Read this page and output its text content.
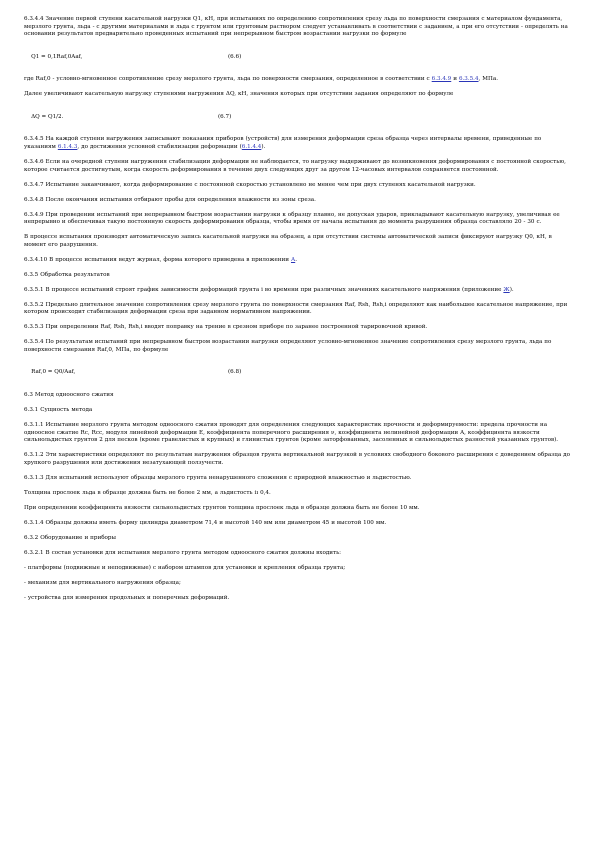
6.3.4.4 Значение первой ступени касательной нагрузки Q1, кН, при испытаниях по определению сопротивления срезу льда по поверхности смерзания с материалом фундамента, мерзлого грунта, льда - с другими материалами и льда с грунтом или грунтовым раствором следует устанавливать в соответствии с заданием, а при его отсутствии - определять на основании результатов предварительно проведенных испытаний при непрерывном быстром возрастании нагрузки по формуле

Q1 = 0,1Raf,0Aaf,	(6.6)

где Raf,0 - условно-мгновенное сопротивление срезу мерзлого грунта, льда по поверхности смерзания, определенное в соответствии с 6.3.4.9 и 6.3.5.4, МПа.

Далее увеличивают касательную нагрузку ступенями нагружения ΔQ, кН, значения которых при отсутствии задания определяют по формуле

ΔQ = Q1/2.	(6.7)

6.3.4.5 На каждой ступени нагружения записывают показания приборов (устройств) для измерения деформации среза образца через интервалы времени, приведенные по указаниям 6.1.4.3, до достижения условной стабилизации деформации (6.1.4.4).

6.3.4.6 Если на очередной ступени нагружения стабилизации деформации не наблюдается, то нагрузку выдерживают до возникновения деформирования с постоянной скоростью, которое считается достигнутым, когда скорость деформирования в течение двух следующих друг за другом 12-часовых интервалов сохраняется постоянной.

6.3.4.7 Испытание заканчивают, когда деформирование с постоянной скоростью установлено не менее чем при двух ступенях касательной нагрузки.

6.3.4.8 После окончания испытания отбирают пробы для определения влажности из зоны среза.

6.3.4.9 При проведении испытаний при непрерывном быстром возрастании нагрузки к образцу плавно, не допуская ударов, прикладывают касательную нагрузку, увеличивая ее непрерывно и обеспечивая такую постоянную скорость деформирования образца, чтобы время от начала испытания до момента разрушения образца составляло 20 - 30 с.

В процессе испытания производят автоматическую запись касательной нагрузки на образец, а при отсутствии системы автоматической записи фиксируют нагрузку Q0, кН, в момент его разрушения.

6.3.4.10 В процессе испытания ведут журнал, форма которого приведена в приложении А.

6.3.5 Обработка результатов

6.3.5.1 В процессе испытаний строят график зависимости деформаций грунта i во времени при различных значениях касательного напряжения (приложение Ж).

6.3.5.2 Предельно длительное значение сопротивления срезу мерзлого грунта по поверхности смерзания Raf, Rsh, Rsh,i определяют как наибольшее касательное напряжение, при котором происходит стабилизация деформации среза при заданном нормативном напряжении.

6.3.5.3 При определении Raf, Rsh, Rsh,i вводят поправку на трение в срезном приборе по заранее построенной тарировочной кривой.

6.3.5.4 По результатам испытаний при непрерывном быстром возрастании нагрузки определяют условно-мгновенное значение сопротивления срезу мерзлого грунта, льда по поверхности смерзания Raf,0, МПа, по формуле

Raf,0 = Q0/Aaf,	(6.8)

6.3 Метод одноосного сжатия

6.3.1 Сущность метода

6.3.1.1 Испытание мерзлого грунта методом одноосного сжатия проводят для определения следующих характеристик прочности и деформируемости: предела прочности на одноосное сжатие Rc, Rcc, модуля линейной деформации E, коэффициента поперечного расширения ν, коэффициента нелинейной деформации A, коэффициента вязкости сильнольдистых грунтов 2 для песков (кроме гравелистых и крупных) и глинистых грунтов (кроме заторфованных, засоленных и сильнольдистых разностей указанных грунтов).

6.3.1.2 Эти характеристики определяют по результатам нагружения образцов грунта вертикальной нагрузкой в условиях свободного бокового расширения с доведением образца до хрупкого разрушения или достижения незатухающей ползучести.

6.3.1.3 Для испытаний используют образцы мерзлого грунта ненарушенного сложения с природной влажностью и льдистостью.

Толщина прослоек льда в образце должна быть не более 2 мм, а льдистость iı 0,4.

При определении коэффициента вязкости сильнольдистых грунтов толщина прослоек льда в образце должна быть не более 10 мм.

6.3.1.4 Образцы должны иметь форму цилиндра диаметром 71,4 и высотой 140 мм или диаметром 45 и высотой 100 мм.

6.3.2 Оборудование и приборы

6.3.2.1 В состав установки для испытания мерзлого грунта методом одноосного сжатия должны входить:

- платформы (подвижные и неподвижные) с набором штампов для установки и крепления образца грунта;

- механизм для вертикального нагружения образца;

- устройства для измерения продольных и поперечных деформаций.
